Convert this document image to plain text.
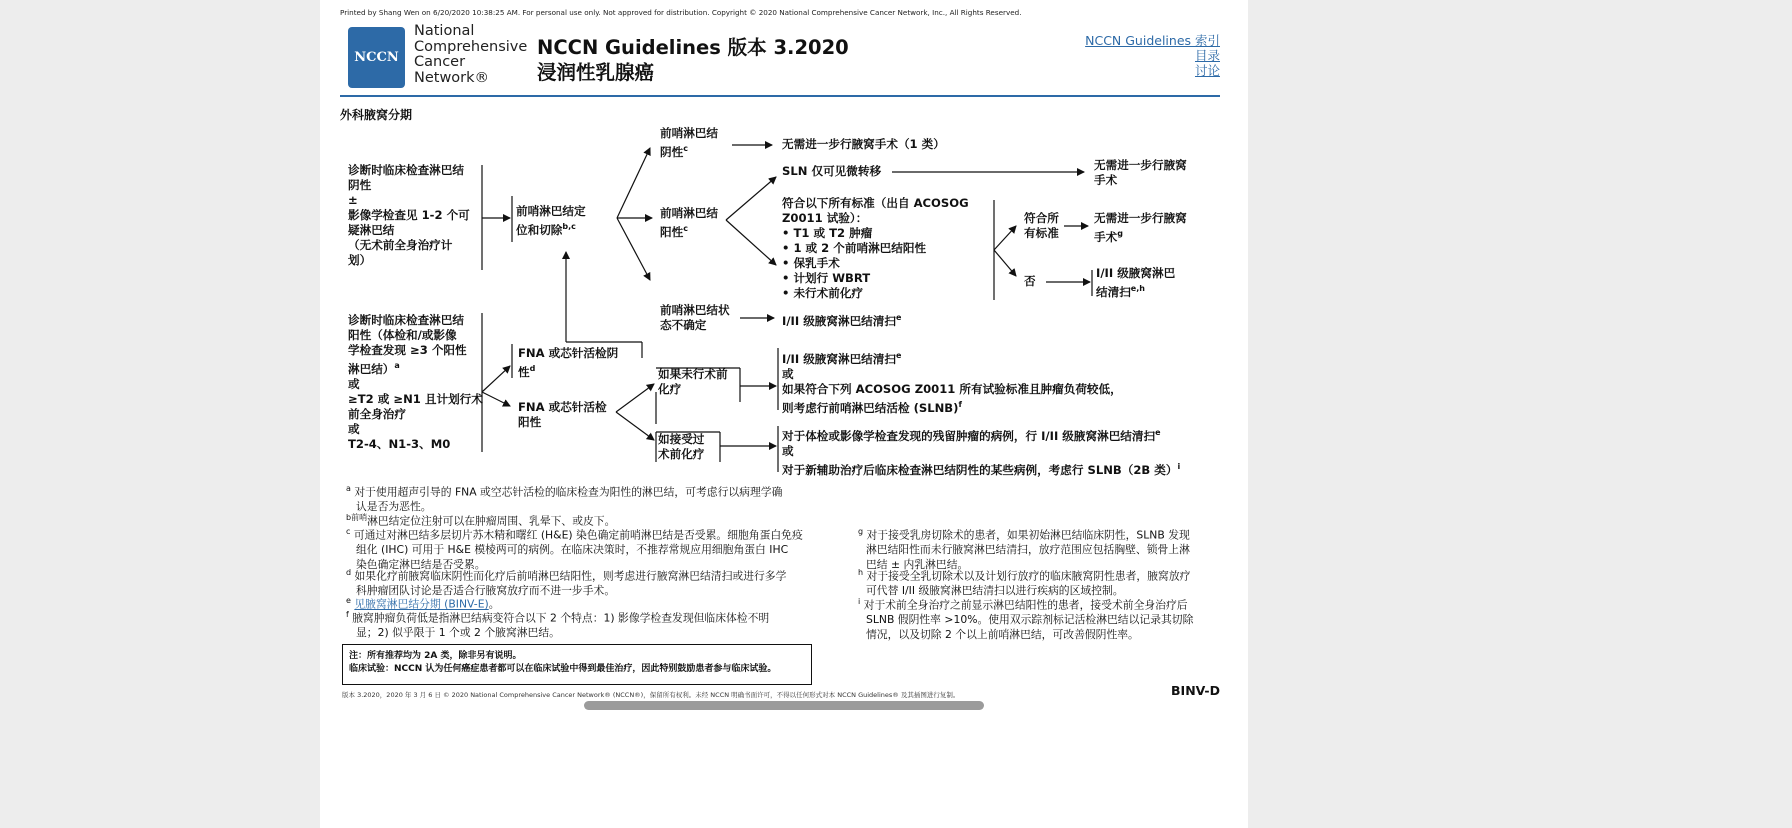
Printed by Shang Wen on 6/20/2020 10:38:25 AM. For personal use only. Not approved for distribution. Copyright © 2020 National Comprehensive Cancer Network, Inc., All Rights Reserved.
NCCN
National
Comprehensive
Cancer
Network®
NCCN Guidelines 版本 3.2020
浸润性乳腺癌
NCCN Guidelines 索引
目录
讨论
外科腋窝分期
诊断时临床检查淋巴结
阴性
±
影像学检查见 1-2 个可
疑淋巴结
（无术前全身治疗计
划）
前哨淋巴结定
位和切除$^{b,c}$
前哨淋巴结
阴性$^c$	无需进一步行腋窝手术（1 类）
前哨淋巴结
阳性$^c$
SLN 仅可见微转移	无需进一步行腋窝
手术
符合以下所有标准（出自 ACOSOG
Z0011 试验）：
• T1 或 T2 肿瘤
• 1 或 2 个前哨淋巴结阳性
• 保乳手术
• 计划行 WBRT
• 未行术前化疗
符合所
有标准
无需进一步行腋窝
手术$^g$
否
I/II 级腋窝淋巴
结清扫$^{e,h}$
前哨淋巴结状
态不确定	I/II 级腋窝淋巴结清扫$^e$
诊断时临床检查淋巴结
阳性（体检和/或影像
学检查发现 ≥3 个阳性
淋巴结）$^a$
或
≥T2 或 ≥N1 且计划行术
前全身治疗
或
T2-4、N1-3、M0
FNA 或芯针活检阴
性$^d$
FNA 或芯针活检
阳性
如果未行术前
化疗
I/II 级腋窝淋巴结清扫$^e$
或
如果符合下列 ACOSOG Z0011 所有试验标准且肿瘤负荷较低，
则考虑行前哨淋巴结活检 (SLNB)$^f$
如接受过
术前化疗
对于体检或影像学检查发现的残留肿瘤的病例，行 I/II 级腋窝淋巴结清扫$^e$
或
对于新辅助治疗后临床检查淋巴结阴性的某些病例，考虑行 SLNB（2B 类）$^i$
$^a$ 对于使用超声引导的 FNA 或空芯针活检的临床检查为阳性的淋巴结，可考虑行以病理学确
认是否为恶性。
$^{b前哨}$淋巴结定位注射可以在肿瘤周围、乳晕下、或皮下。
$^c$ 可通过对淋巴结多层切片苏木精和曙红 (H&E) 染色确定前哨淋巴结是否受累。细胞角蛋白免疫
组化 (IHC) 可用于 H&E 模棱两可的病例。在临床决策时，不推荐常规应用细胞角蛋白 IHC
染色确定淋巴结是否受累。
$^d$ 如果化疗前腋窝临床阴性而化疗后前哨淋巴结阳性，则考虑进行腋窝淋巴结清扫或进行多学
科肿瘤团队讨论是否适合行腋窝放疗而不进一步手术。
$^e$ 见腋窝淋巴结分期 (BINV-E)。
$^f$ 腋窝肿瘤负荷低是指淋巴结病变符合以下 2 个特点：1) 影像学检查发现但临床体检不明
显；2) 似乎限于 1 个或 2 个腋窝淋巴结。
$^g$ 对于接受乳房切除术的患者，如果初始淋巴结临床阴性，SLNB 发现
淋巴结阳性而未行腋窝淋巴结清扫，放疗范围应包括胸壁、锁骨上淋
巴结 ± 内乳淋巴结。
$^h$ 对于接受全乳切除术以及计划行放疗的临床腋窝阴性患者，腋窝放疗
可代替 I/II 级腋窝淋巴结清扫以进行疾病的区域控制。
$^i$ 对于术前全身治疗之前显示淋巴结阳性的患者，接受术前全身治疗后
SLNB 假阴性率 >10%。使用双示踪剂标记活检淋巴结以记录其切除
情况，以及切除 2 个以上前哨淋巴结，可改善假阴性率。
注：所有推荐均为 2A 类，除非另有说明。
临床试验：NCCN 认为任何癌症患者都可以在临床试验中得到最佳治疗，因此特别鼓励患者参与临床试验。
版本 3.2020，2020 年 3 月 6 日 © 2020 National Comprehensive Cancer Network® (NCCN®)，保留所有权利。未经 NCCN 明确书面许可，不得以任何形式对本 NCCN Guidelines® 及其插图进行复制。	BINV-D
